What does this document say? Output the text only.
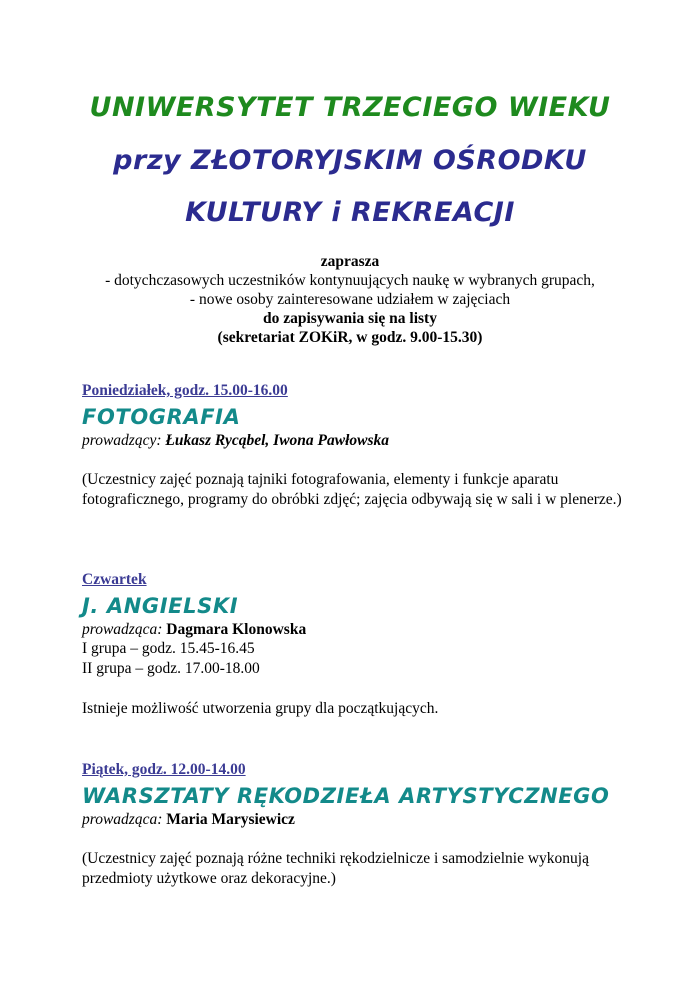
UNIWERSYTET TRZECIEGO WIEKU
przy ZŁOTORYJSKIM OŚRODKU
KULTURY i REKREACJI
zaprasza
- dotychczasowych uczestników kontynuujących naukę w wybranych grupach,
- nowe osoby zainteresowane udziałem w zajęciach
do zapisywania się na listy
(sekretariat ZOKiR, w godz. 9.00-15.30)
Poniedziałek, godz. 15.00-16.00
FOTOGRAFIA
prowadzący: Łukasz Rycąbel, Iwona Pawłowska
(Uczestnicy zajęć poznają tajniki fotografowania, elementy i funkcje aparatu fotograficznego, programy do obróbki zdjęć; zajęcia odbywają się w sali i w plenerze.)
Czwartek
J. ANGIELSKI
prowadząca: Dagmara Klonowska
I grupa – godz. 15.45-16.45
II grupa – godz. 17.00-18.00
Istnieje możliwość utworzenia grupy dla początkujących.
Piątek, godz. 12.00-14.00
WARSZTATY RĘKODZIEŁA ARTYSTYCZNEGO
prowadząca: Maria Marysiewicz
(Uczestnicy zajęć poznają różne techniki rękodzielnicze i samodzielnie wykonują przedmioty użytkowe oraz dekoracyjne.)
